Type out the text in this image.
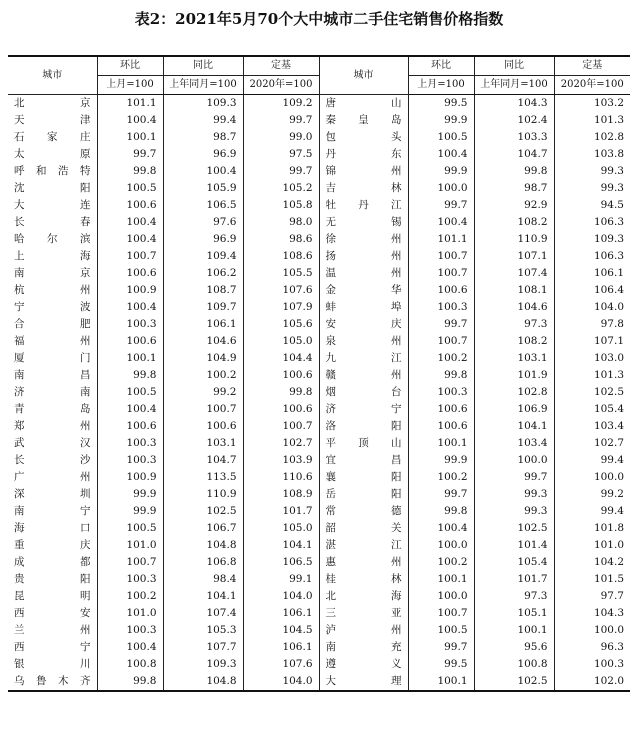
表2：2021年5月70个大中城市二手住宅销售价格指数
城市	环比	同比	定基	城市	环比	同比	定基
	上月=100	上年同月=100	2020年=100		上月=100	上年同月=100	2020年=100
北　京	101.1	109.3	109.2	唐　山	99.5	104.3	103.2
天　津	100.4	99.4	99.7	秦皇岛	99.9	102.4	101.3
石家庄	100.1	98.7	99.0	包　头	100.5	103.3	102.8
太　原	99.7	96.9	97.5	丹　东	100.4	104.7	103.8
呼和浩特	99.8	100.4	99.7	锦　州	99.9	99.8	99.3
沈　阳	100.5	105.9	105.2	吉　林	100.0	98.7	99.3
大　连	100.6	106.5	105.8	牡丹江	99.7	92.9	94.5
长　春	100.4	97.6	98.0	无　锡	100.4	108.2	106.3
哈尔滨	100.4	96.9	98.6	徐　州	101.1	110.9	109.3
上　海	100.7	109.4	108.6	扬　州	100.7	107.1	106.3
南　京	100.6	106.2	105.5	温　州	100.7	107.4	106.1
杭　州	100.9	108.7	107.6	金　华	100.6	108.1	106.4
宁　波	100.4	109.7	107.9	蚌　埠	100.3	104.6	104.0
合　肥	100.3	106.1	105.6	安　庆	99.7	97.3	97.8
福　州	100.6	104.6	105.0	泉　州	100.7	108.2	107.1
厦　门	100.1	104.9	104.4	九　江	100.2	103.1	103.0
南　昌	99.8	100.2	100.6	赣　州	99.8	101.9	101.3
济　南	100.5	99.2	99.8	烟　台	100.3	102.8	102.5
青　岛	100.4	100.7	100.6	济　宁	100.6	106.9	105.4
郑　州	100.6	100.6	100.7	洛　阳	100.6	104.1	103.4
武　汉	100.3	103.1	102.7	平顶山	100.1	103.4	102.7
长　沙	100.3	104.7	103.9	宜　昌	99.9	100.0	99.4
广　州	100.9	113.5	110.6	襄　阳	100.2	99.7	100.0
深　圳	99.9	110.9	108.9	岳　阳	99.7	99.3	99.2
南　宁	99.9	102.5	101.7	常　德	99.8	99.3	99.4
海　口	100.5	106.7	105.0	韶　关	100.4	102.5	101.8
重　庆	101.0	104.8	104.1	湛　江	100.0	101.4	101.0
成　都	100.7	106.8	106.5	惠　州	100.2	105.4	104.2
贵　阳	100.3	98.4	99.1	桂　林	100.1	101.7	101.5
昆　明	100.2	104.1	104.0	北　海	100.0	97.3	97.7
西　安	101.0	107.4	106.1	三　亚	100.7	105.1	104.3
兰　州	100.3	105.3	104.5	泸　州	100.5	100.1	100.0
西　宁	100.4	107.7	106.1	南　充	99.7	95.6	96.3
银　川	100.8	109.3	107.6	遵　义	99.5	100.8	100.3
乌鲁木齐	99.8	104.8	104.0	大　理	100.1	102.5	102.0
